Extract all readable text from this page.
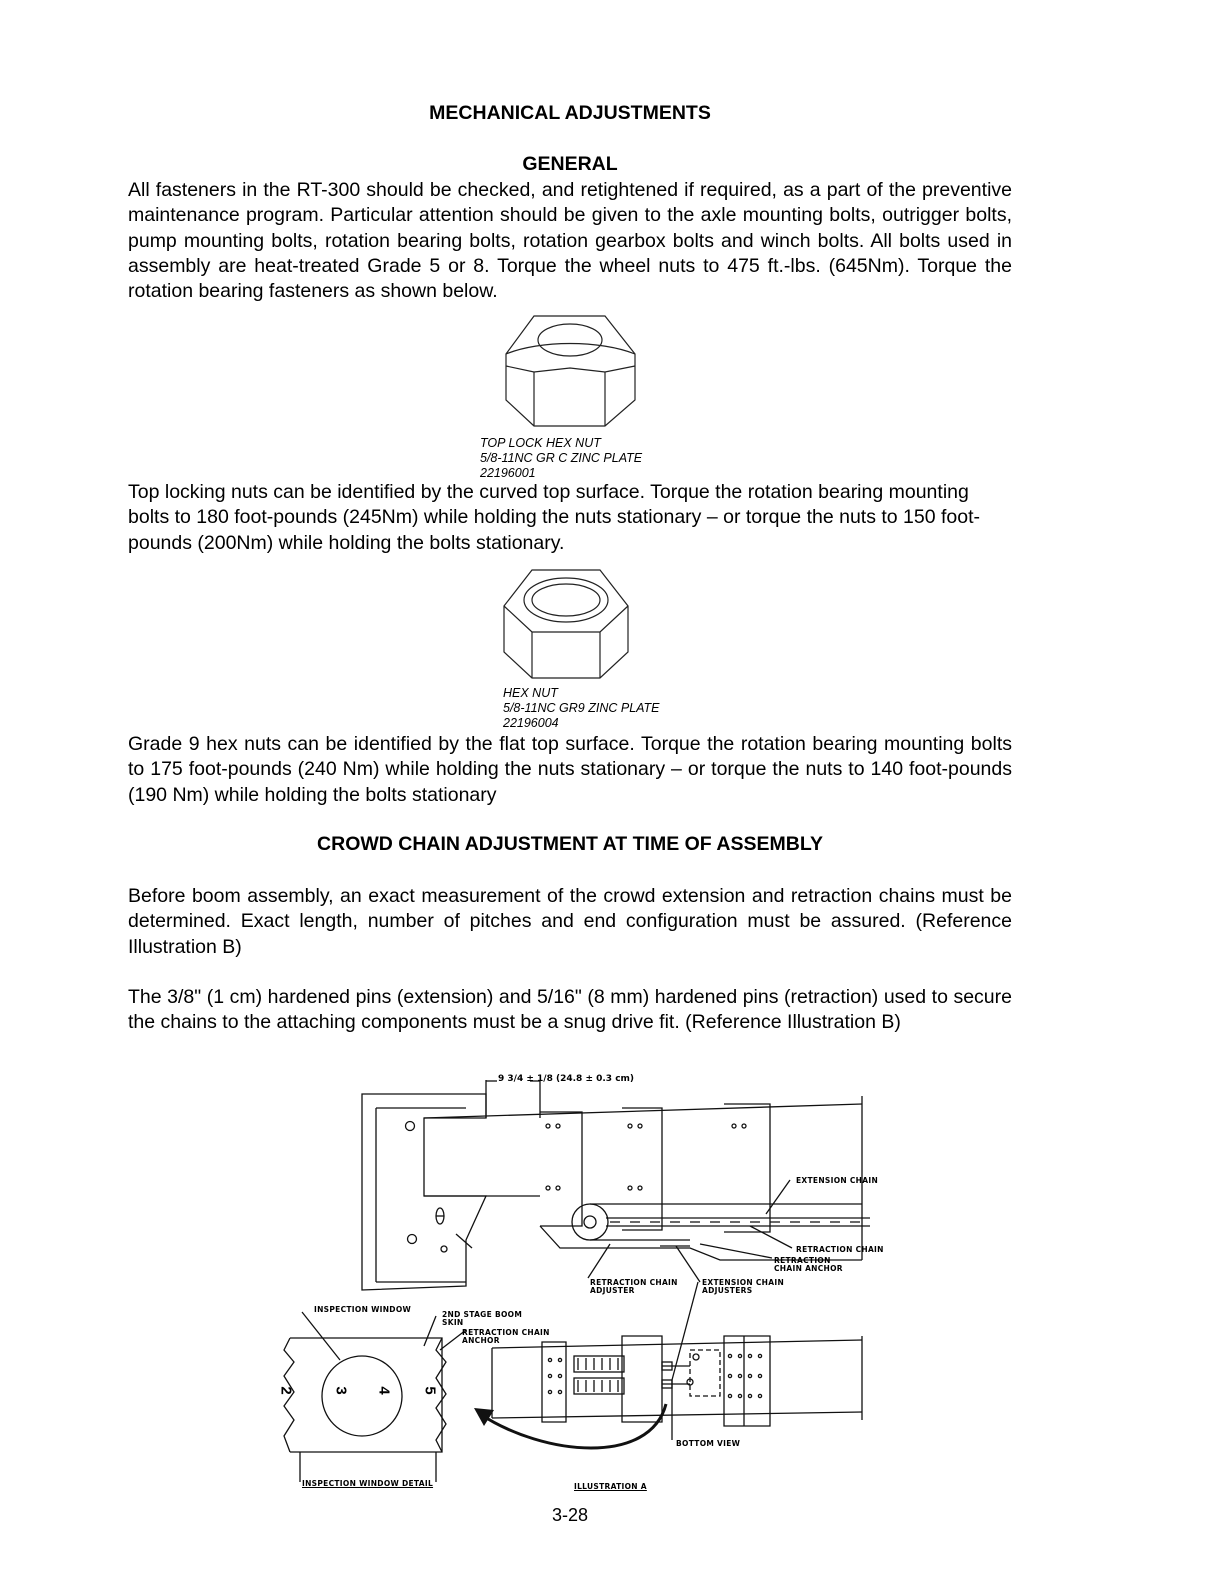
MECHANICAL ADJUSTMENTS
GENERAL
All fasteners in the RT-300 should be checked, and retightened if required, as a part of the preventive maintenance program. Particular attention should be given to the axle mounting bolts, outrigger bolts, pump mounting bolts, rotation bearing bolts, rotation gearbox bolts and winch bolts. All bolts used in assembly are heat-treated Grade 5 or 8. Torque the wheel nuts to 475 ft.-lbs. (645Nm). Torque the rotation bearing fasteners as shown below.
TOP LOCK HEX NUT
5/8-11NC GR C ZINC PLATE
22196001
Top locking nuts can be identified by the curved top surface. Torque the rotation bearing mounting bolts to 180 foot-pounds (245Nm) while holding the nuts stationary – or torque the nuts to 150 foot-pounds (200Nm) while holding the bolts stationary.
HEX NUT
5/8-11NC GR9 ZINC PLATE
22196004
Grade 9 hex nuts can be identified by the flat top surface. Torque the rotation bearing mounting bolts to 175 foot-pounds (240 Nm) while holding the nuts stationary – or torque the nuts to 140 foot-pounds (190 Nm) while holding the bolts stationary
CROWD CHAIN ADJUSTMENT AT TIME OF ASSEMBLY
Before boom assembly, an exact measurement of the crowd extension and retraction chains must be determined. Exact length, number of pitches and end configuration must be assured. (Reference Illustration B)
The 3/8" (1 cm) hardened pins (extension) and 5/16" (8 mm) hardened pins (retraction) used to secure the chains to the attaching components must be a snug drive fit. (Reference Illustration B)
9 3/4 ± 1/8 (24.8 ± 0.3 cm)
EXTENSION CHAIN
RETRACTION CHAIN
RETRACTION CHAIN ANCHOR
RETRACTION CHAIN ADJUSTER
EXTENSION CHAIN ADJUSTERS
INSPECTION WINDOW
2ND STAGE BOOM SKIN
RETRACTION CHAIN ANCHOR
BOTTOM VIEW
INSPECTION WINDOW DETAIL	ILLUSTRATION A
2	3 4 5
3-28
